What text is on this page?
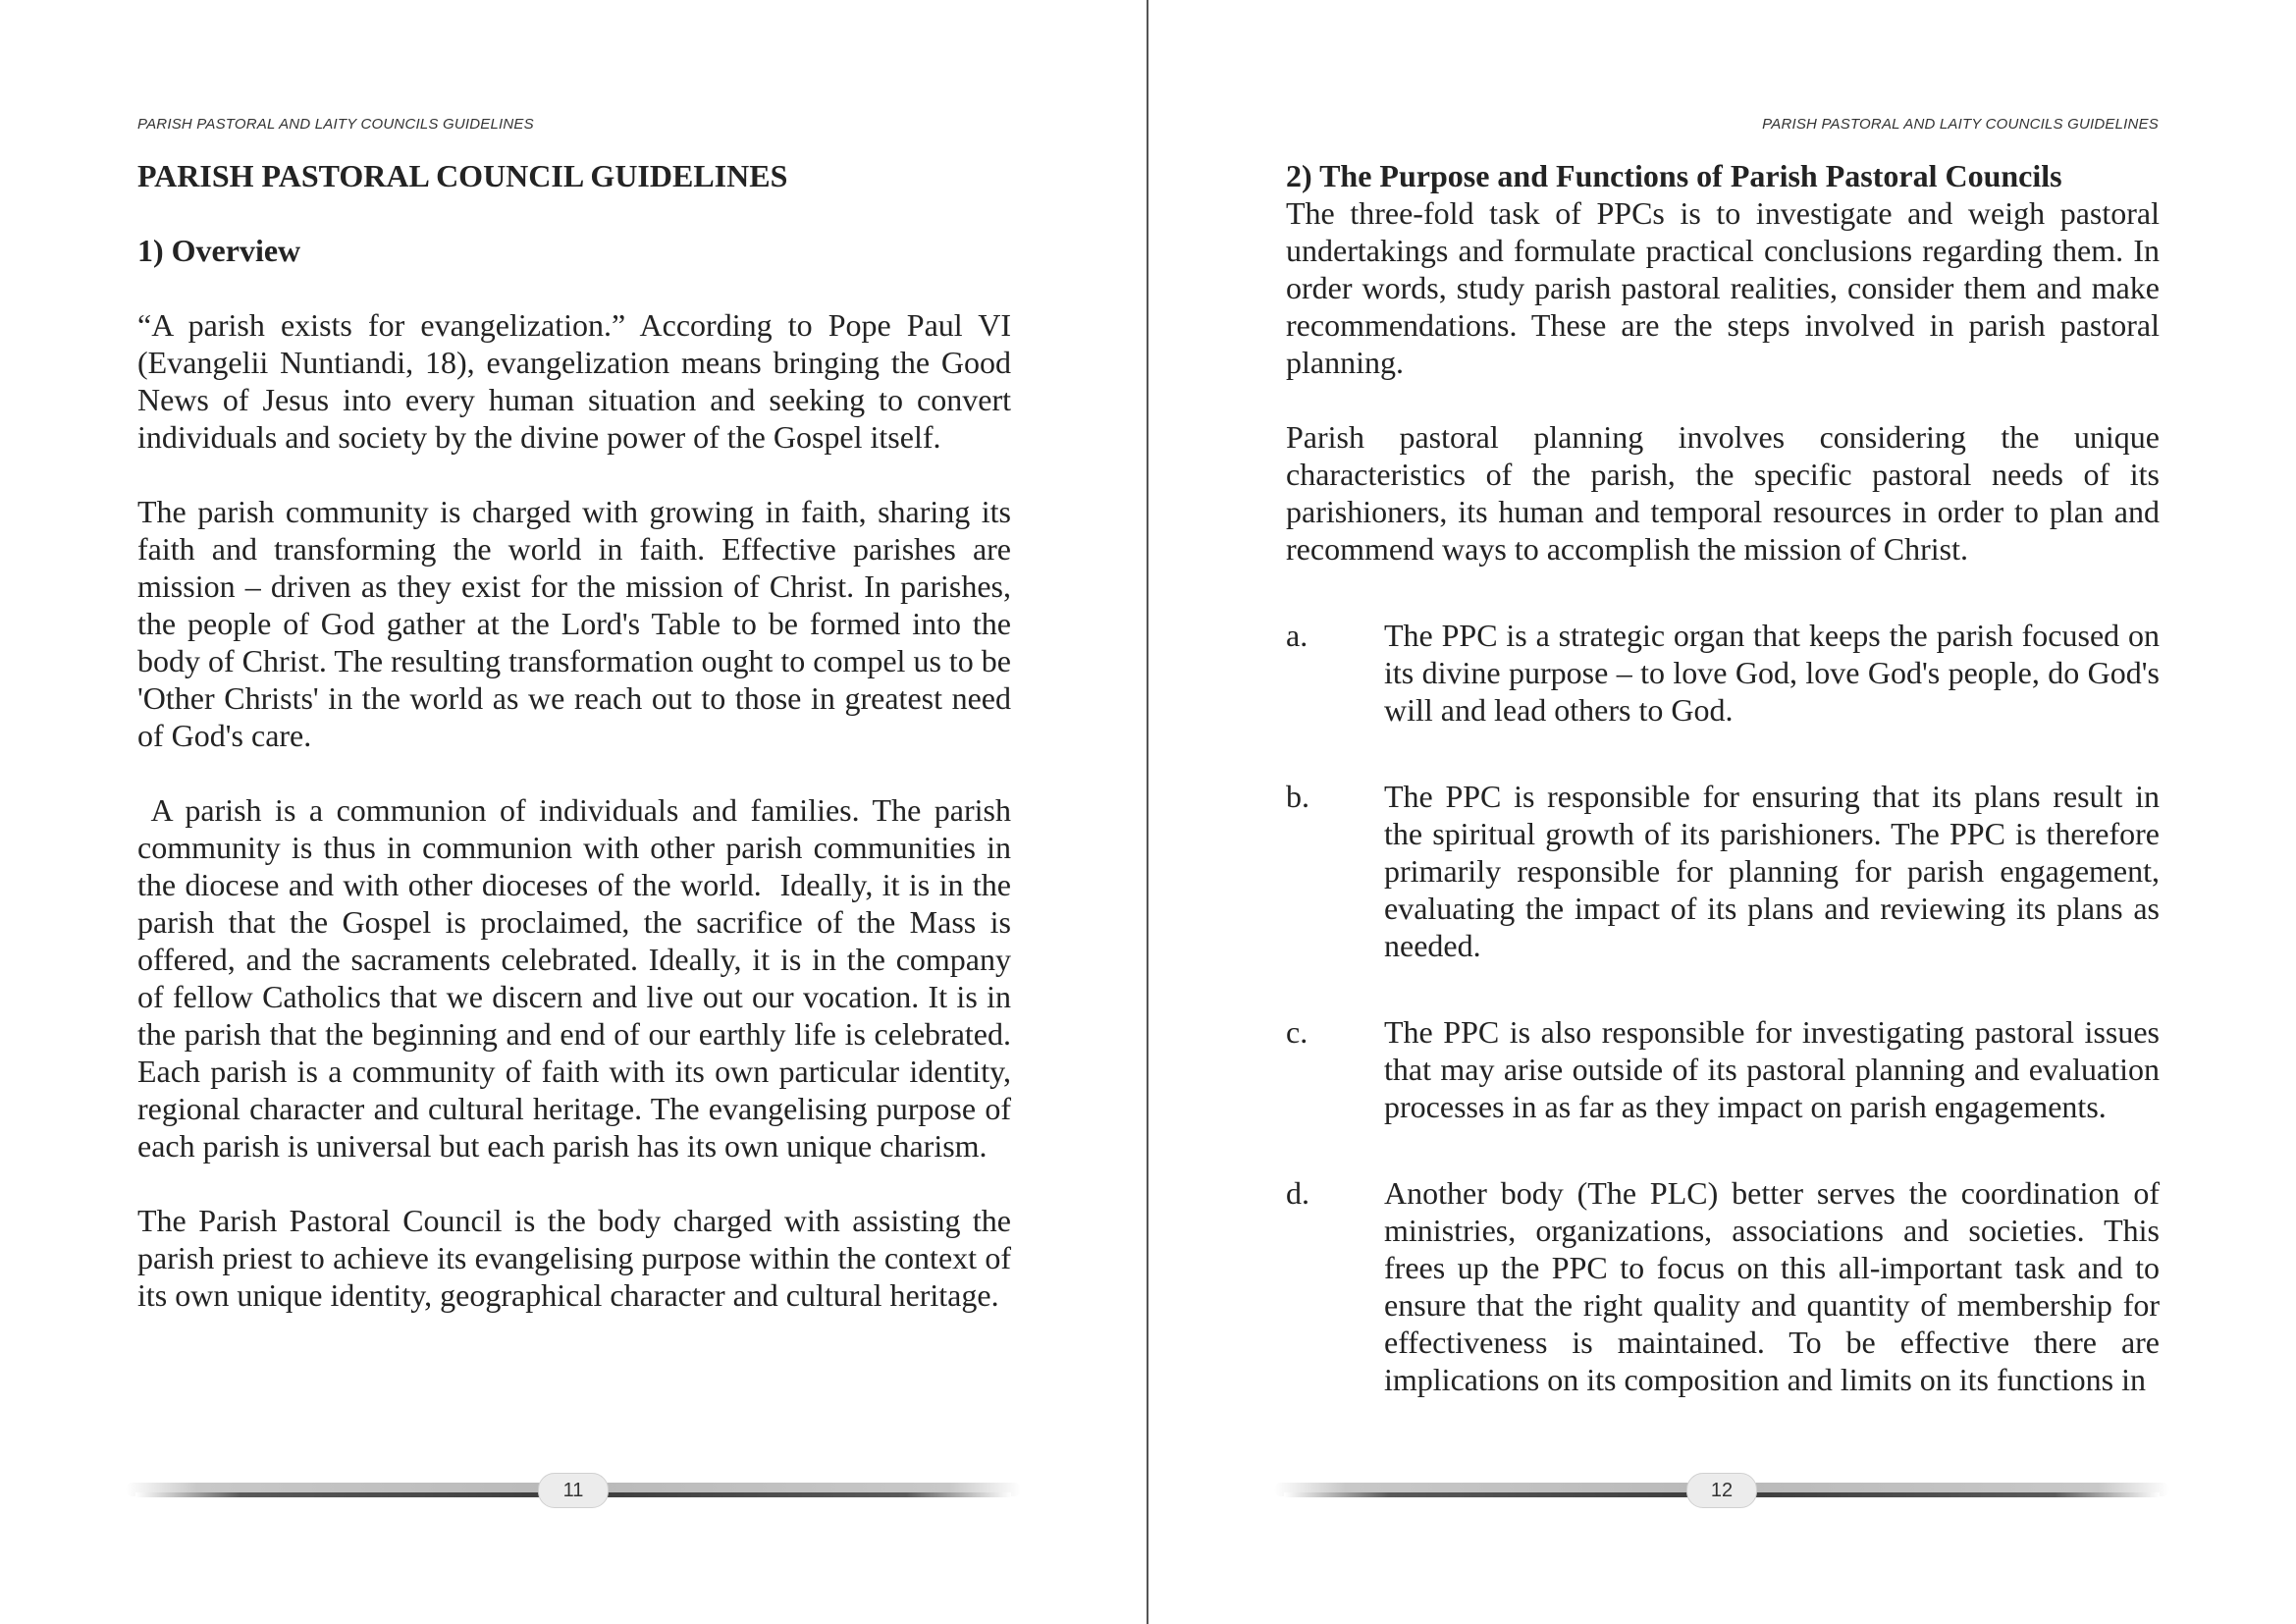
PARISH PASTORAL AND LAITY COUNCILS GUIDELINES
PARISH PASTORAL COUNCIL GUIDELINES
1) Overview

“A parish exists for evangelization.” According to Pope Paul VI (Evangelii Nuntiandi, 18), evangelization means bringing the Good News of Jesus into every human situation and seeking to convert individuals and society by the divine power of the Gospel itself.

The parish community is charged with growing in faith, sharing its faith and transforming the world in faith. Effective parishes are mission – driven as they exist for the mission of Christ. In parishes, the people of God gather at the Lord's Table to be formed into the body of Christ. The resulting transformation ought to compel us to be 'Other Christs' in the world as we reach out to those in greatest need of God's care.

A parish is a communion of individuals and families. The parish community is thus in communion with other parish communities in the diocese and with other dioceses of the world.  Ideally, it is in the parish that the Gospel is proclaimed, the sacrifice of the Mass is offered, and the sacraments celebrated. Ideally, it is in the company of fellow Catholics that we discern and live out our vocation. It is in the parish that the beginning and end of our earthly life is celebrated. Each parish is a community of faith with its own particular identity, regional character and cultural heritage. The evangelising purpose of each parish is universal but each parish has its own unique charism.

The Parish Pastoral Council is the body charged with assisting the parish priest to achieve its evangelising purpose within the context of its own unique identity, geographical character and cultural heritage.

11
PARISH PASTORAL AND LAITY COUNCILS GUIDELINES
2) The Purpose and Functions of Parish Pastoral Councils

The three-fold task of PPCs is to investigate and weigh pastoral undertakings and formulate practical conclusions regarding them. In order words, study parish pastoral realities, consider them and make recommendations. These are the steps involved in parish pastoral planning.

Parish pastoral planning involves considering the unique characteristics of the parish, the specific pastoral needs of its parishioners, its human and temporal resources in order to plan and recommend ways to accomplish the mission of Christ.

a.	The PPC is a strategic organ that keeps the parish focused on its divine purpose – to love God, love God's people, do God's will and lead others to God.
b.	The PPC is responsible for ensuring that its plans result in the spiritual growth of its parishioners. The PPC is therefore primarily responsible for planning for parish engagement, evaluating the impact of its plans and reviewing its plans as needed.
c.	The PPC is also responsible for investigating pastoral issues  that may arise outside of its pastoral planning and evaluation processes in as far as they impact on parish engagements.
d.	Another body (The PLC) better serves the coordination of ministries, organizations, associations and societies. This frees up the PPC to focus on this all-important task and to ensure that the right quality and quantity of membership for effectiveness is maintained. To be effective there are implications on its composition and limits on its functions in
12
